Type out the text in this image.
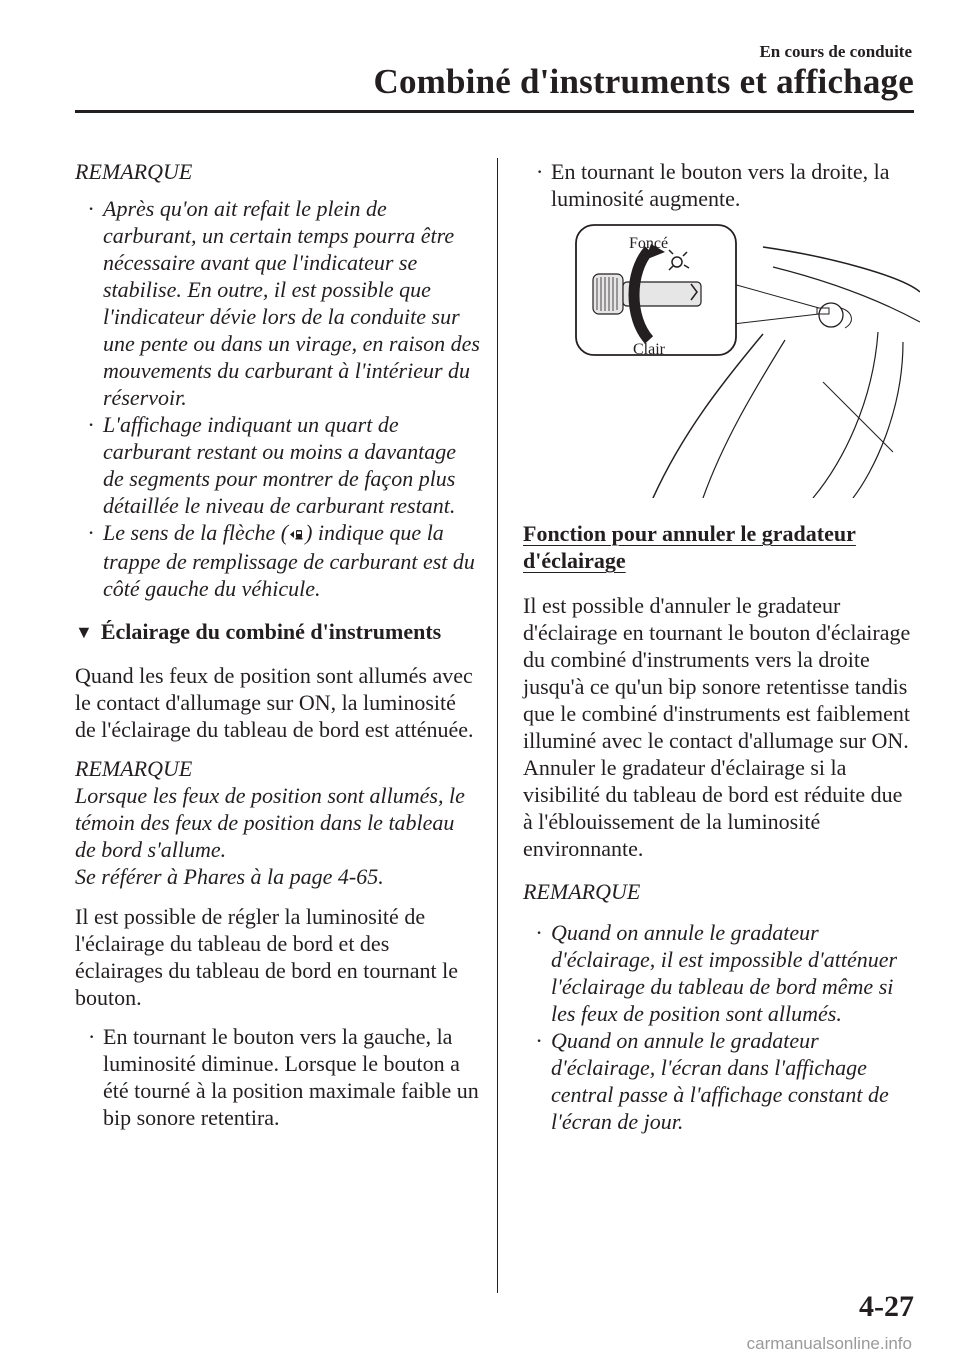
En cours de conduite
Combiné d'instruments et affichage

REMARQUE

· Après qu'on ait refait le plein de carburant, un certain temps pourra être nécessaire avant que l'indicateur se stabilise. En outre, il est possible que l'indicateur dévie lors de la conduite sur une pente ou dans un virage, en raison des mouvements du carburant à l'intérieur du réservoir.

· L'affichage indiquant un quart de carburant restant ou moins a davantage de segments pour montrer de façon plus détaillée le niveau de carburant restant.

· Le sens de la flèche ( ) indique que la trappe de remplissage de carburant est du côté gauche du véhicule.

▼ Éclairage du combiné d'instruments

Quand les feux de position sont allumés avec le contact d'allumage sur ON, la luminosité de l'éclairage du tableau de bord est atténuée.

REMARQUE

Lorsque les feux de position sont allumés, le témoin des feux de position dans le tableau de bord s'allume.

Se référer à Phares à la page 4-65.

Il est possible de régler la luminosité de l'éclairage du tableau de bord et des éclairages du tableau de bord en tournant le bouton.

· En tournant le bouton vers la gauche, la luminosité diminue. Lorsque le bouton a été tourné à la position maximale faible un bip sonore retentira.

· En tournant le bouton vers la droite, la luminosité augmente.

Foncé
Clair

Fonction pour annuler le gradateur d'éclairage

Il est possible d'annuler le gradateur d'éclairage en tournant le bouton d'éclairage du combiné d'instruments vers la droite jusqu'à ce qu'un bip sonore retentisse tandis que le combiné d'instruments est faiblement illuminé avec le contact d'allumage sur ON. Annuler le gradateur d'éclairage si la visibilité du tableau de bord est réduite due à l'éblouissement de la luminosité environnante.

REMARQUE

· Quand on annule le gradateur d'éclairage, il est impossible d'atténuer l'éclairage du tableau de bord même si les feux de position sont allumés.

· Quand on annule le gradateur d'éclairage, l'écran dans l'affichage central passe à l'affichage constant de l'écran de jour.

4-27
carmanualsonline.info
